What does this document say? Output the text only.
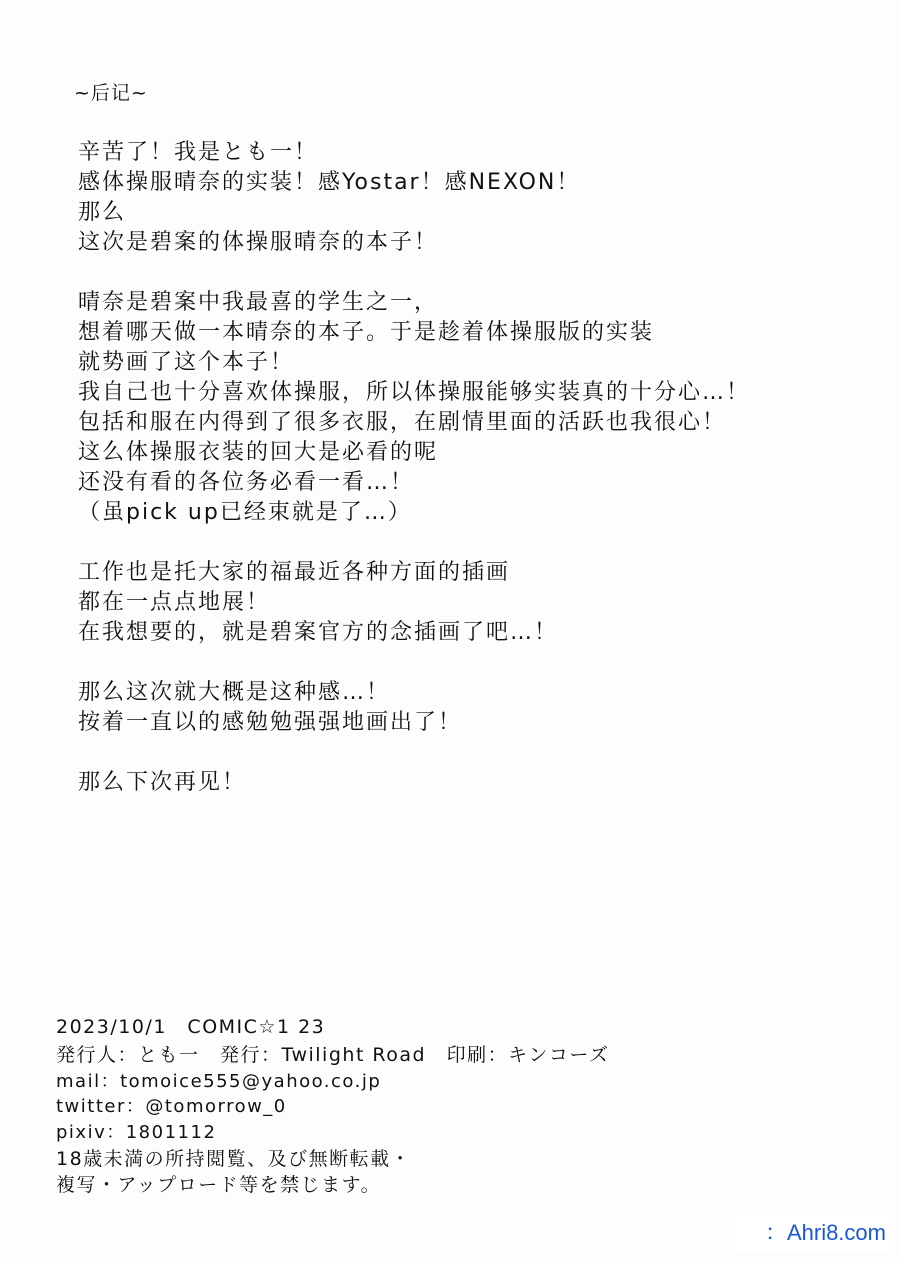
~后记~
辛苦了！我是とも一！
感体操服晴奈的实装！感Yostar！感NEXON！
那么
这次是碧案的体操服晴奈的本子！
晴奈是碧案中我最喜的学生之一，
想着哪天做一本晴奈的本子。于是趁着体操服版的实装
就势画了这个本子！
我自己也十分喜欢体操服，所以体操服能够实装真的十分心…！
包括和服在内得到了很多衣服，在剧情里面的活跃也我很心！
这么体操服衣装的回大是必看的呢
还没有看的各位务必看一看…！
（虽pick up已经束就是了…）
工作也是托大家的福最近各种方面的插画
都在一点点地展！
在我想要的，就是碧案官方的念插画了吧…！
那么这次就大概是这种感…！
按着一直以的感勉勉强强地画出了！
那么下次再见！
2023/10/1　COMIC☆1 23
発行人：とも一　発行：Twilight Road　印刷：キンコーズ
mail：tomoice555@yahoo.co.jp
twitter：@tomorrow_0
pixiv：1801112
18歳未満の所持閲覧、及び無断転載・
複写・アップロード等を禁じます。
：Ahri8.com
